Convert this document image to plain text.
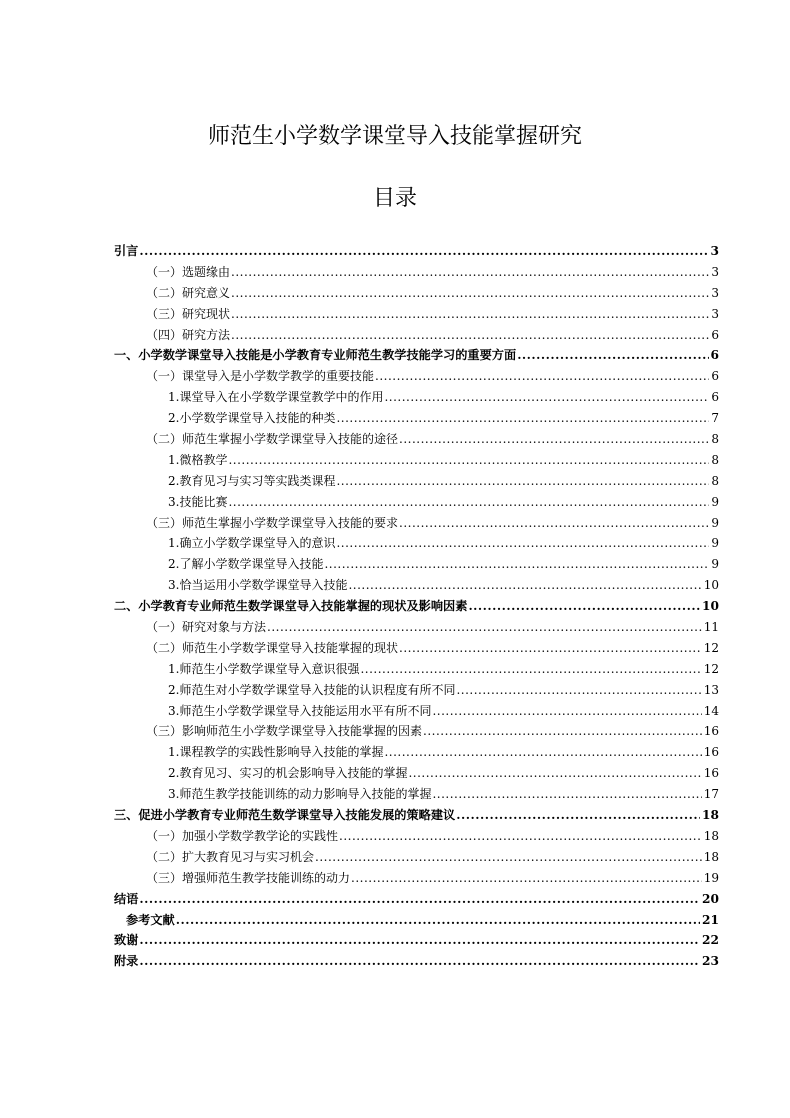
师范生小学数学课堂导入技能掌握研究
目录
引言 .....	3
（一）选题缘由 .....	3
（二）研究意义 .....	3
（三）研究现状 .....	3
（四）研究方法 .....	6
一、小学数学课堂导入技能是小学教育专业师范生教学技能学习的重要方面 .....	6
（一）课堂导入是小学数学教学的重要技能 .....	6
1.课堂导入在小学数学课堂教学中的作用 .....	6
2.小学数学课堂导入技能的种类 .....	7
（二）师范生掌握小学数学课堂导入技能的途径 .....	8
1.微格教学 .....	8
2.教育见习与实习等实践类课程 .....	8
3.技能比赛 .....	9
（三）师范生掌握小学数学课堂导入技能的要求 .....	9
1.确立小学数学课堂导入的意识 .....	9
2.了解小学数学课堂导入技能 .....	9
3.恰当运用小学数学课堂导入技能 .....	10
二、小学教育专业师范生数学课堂导入技能掌握的现状及影响因素 .....	10
（一）研究对象与方法 .....	11
（二）师范生小学数学课堂导入技能掌握的现状 .....	12
1.师范生小学数学课堂导入意识很强 .....	12
2.师范生对小学数学课堂导入技能的认识程度有所不同 .....	13
3.师范生小学数学课堂导入技能运用水平有所不同 .....	14
（三）影响师范生小学数学课堂导入技能掌握的因素 .....	16
1.课程教学的实践性影响导入技能的掌握 .....	16
2.教育见习、实习的机会影响导入技能的掌握 .....	16
3.师范生教学技能训练的动力影响导入技能的掌握 .....	17
三、促进小学教育专业师范生数学课堂导入技能发展的策略建议 .....	18
（一）加强小学数学教学论的实践性 .....	18
（二）扩大教育见习与实习机会 .....	18
（三）增强师范生教学技能训练的动力 .....	19
结语 .....	20
参考文献 .....	21
致谢 .....	22
附录 .....	23
